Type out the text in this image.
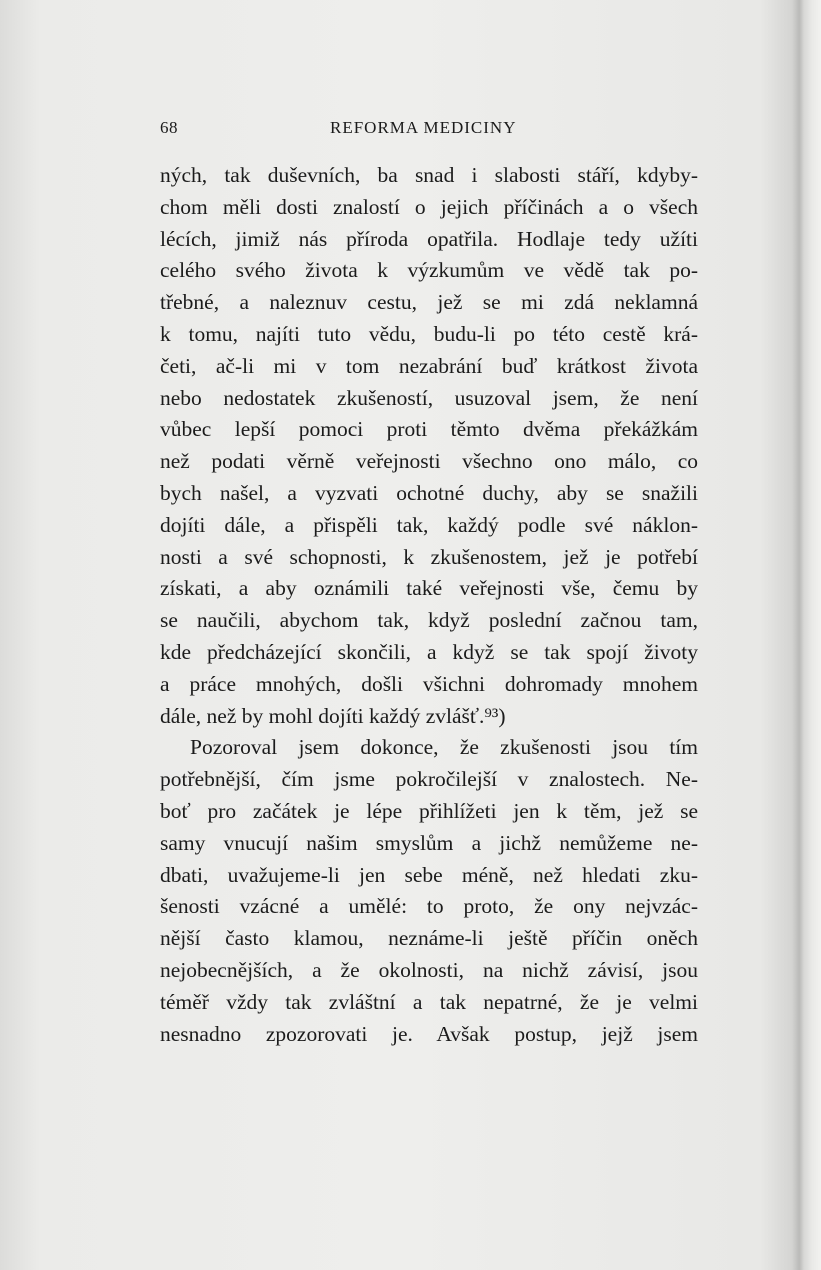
68	REFORMA MEDICINY
ných, tak duševních, ba snad i slabosti stáří, kdyby-
chom měli dosti znalostí o jejich příčinách a o všech
lécích, jimiž nás příroda opatřila. Hodlaje tedy užíti
celého svého života k výzkumům ve vědě tak po-
třebné, a naleznuv cestu, jež se mi zdá neklamná
k tomu, najíti tuto vědu, budu-li po této cestě krá-
četi, ač-li mi v tom nezabrání buď krátkost života
nebo nedostatek zkušeností, usuzoval jsem, že není
vůbec lepší pomoci proti těmto dvěma překážkám
než podati věrně veřejnosti všechno ono málo, co
bych našel, a vyzvati ochotné duchy, aby se snažili
dojíti dále, a přispěli tak, každý podle své náklon-
nosti a své schopnosti, k zkušenostem, jež je potřebí
získati, a aby oznámili také veřejnosti vše, čemu by
se naučili, abychom tak, když poslední začnou tam,
kde předcházející skončili, a když se tak spojí životy
a práce mnohých, došli všichni dohromady mnohem
dále, než by mohl dojíti každý zvlášť.⁹³)
Pozoroval jsem dokonce, že zkušenosti jsou tím
potřebnější, čím jsme pokročilejší v znalostech. Ne-
boť pro začátek je lépe přihlížeti jen k těm, jež se
samy vnucují našim smyslům a jichž nemůžeme ne-
dbati, uvažujeme-li jen sebe méně, než hledati zku-
šenosti vzácné a umělé: to proto, že ony nejvzác-
nější často klamou, neznáme-li ještě příčin oněch
nejobecnějších, a že okolnosti, na nichž závisí, jsou
téměř vždy tak zvláštní a tak nepatrné, že je velmi
nesnadno zpozorovati je. Avšak postup, jejž jsem
